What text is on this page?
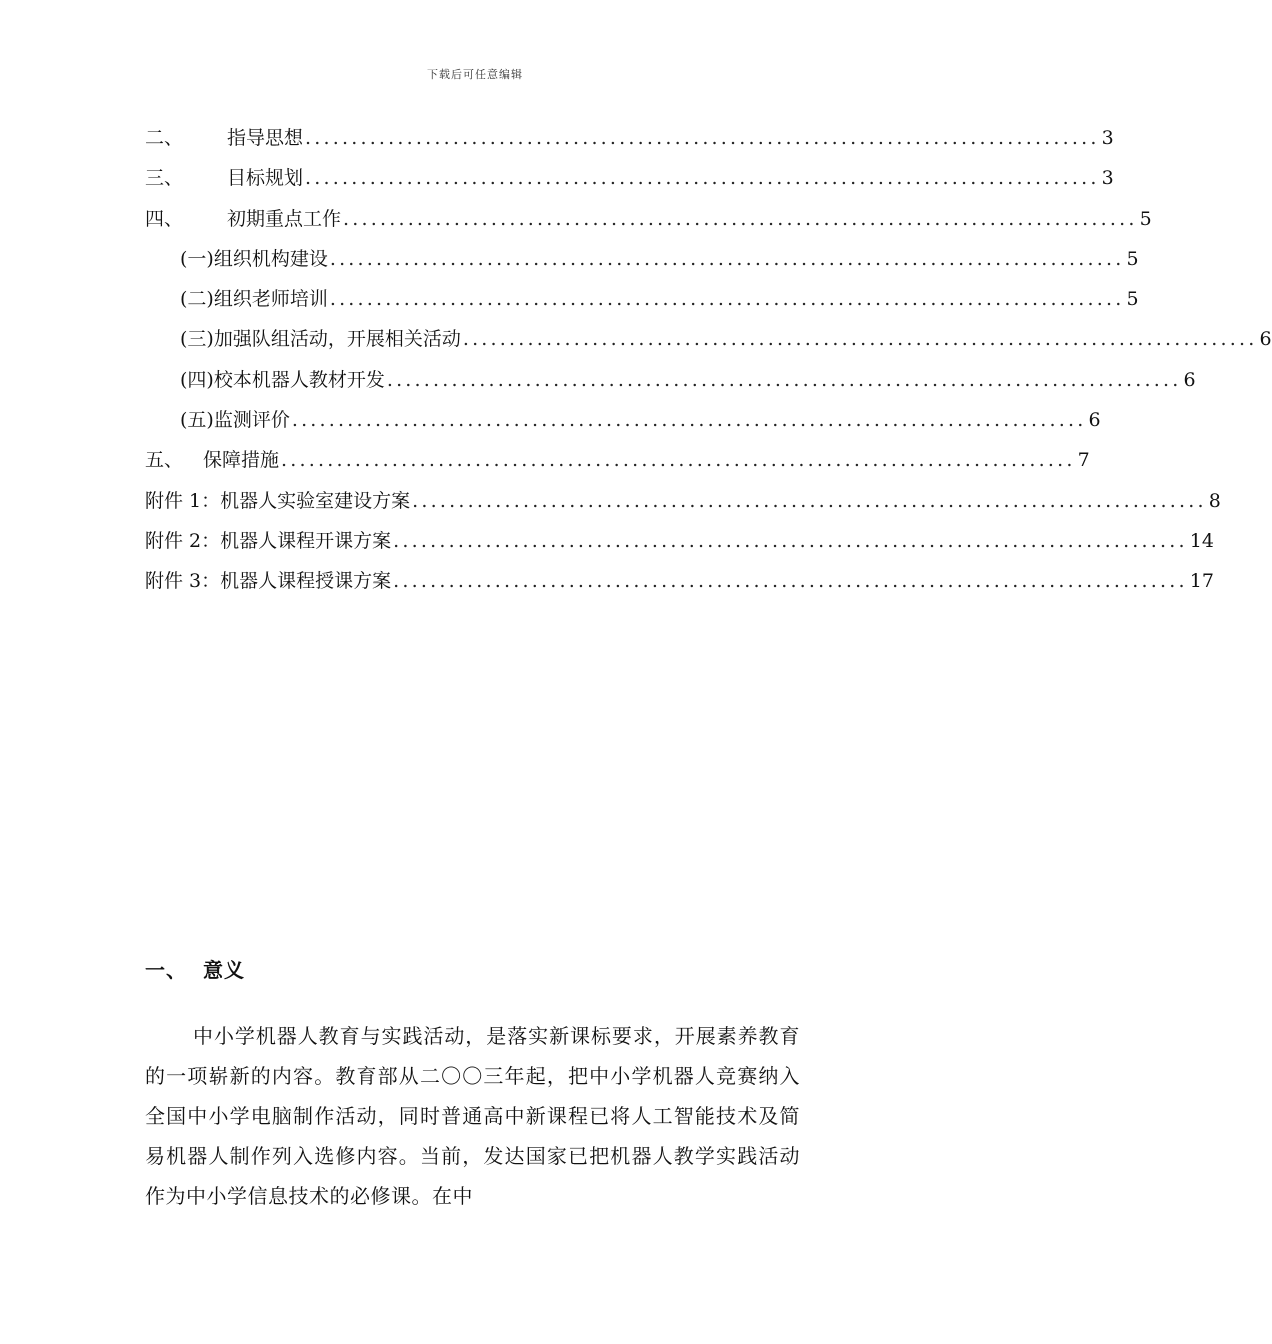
下载后可任意编辑
二、	指导思想 ...................................................................................... 3
三、	目标规划 ...................................................................................... 3
四、	初期重点工作 ...................................................................................... 5
(一)组织机构建设 ...................................................................................... 5
(二)组织老师培训 ...................................................................................... 5
(三)加强队组活动，开展相关活动 ...................................................................................... 6
(四)校本机器人教材开发 ...................................................................................... 6
(五)监测评价 ...................................................................................... 6
五、	保障措施 ...................................................................................... 7
附件 1：机器人实验室建设方案 ...................................................................................... 8
附件 2：机器人课程开课方案 ...................................................................................... 14
附件 3：机器人课程授课方案 ...................................................................................... 17
一、 意义

中小学机器人教育与实践活动，是落实新课标要求，开展素养教育的一项崭新的内容。教育部从二〇〇三年起，把中小学机器人竞赛纳入全国中小学电脑制作活动，同时普通高中新课程已将人工智能技术及简易机器人制作列入选修内容。当前，发达国家已把机器人教学实践活动作为中小学信息技术的必修课。在中
